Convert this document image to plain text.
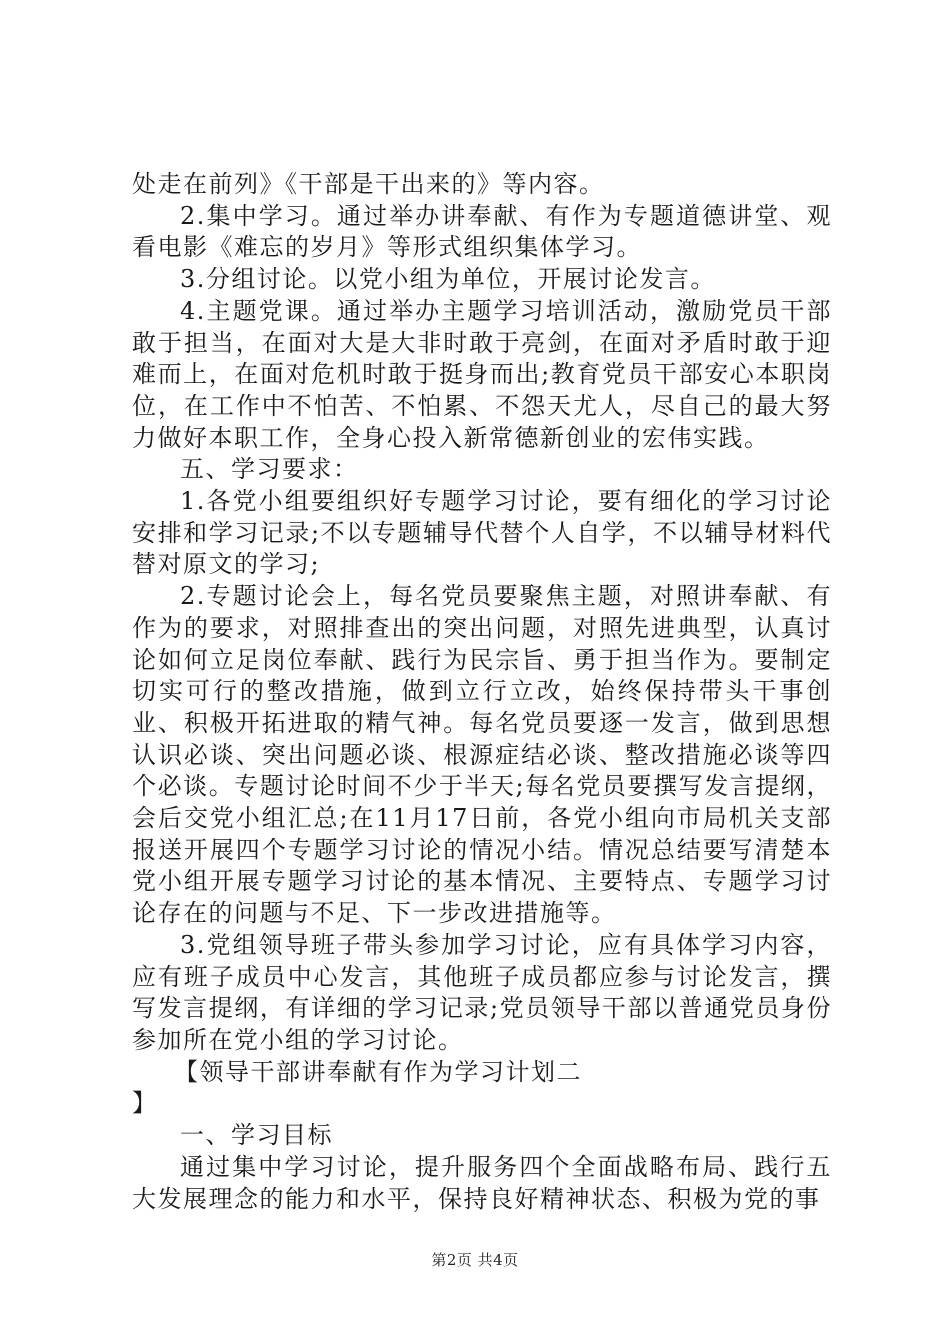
处走在前列》《干部是干出来的》等内容。

2.集中学习。通过举办讲奉献、有作为专题道德讲堂、观看电影《难忘的岁月》等形式组织集体学习。

3.分组讨论。以党小组为单位，开展讨论发言。

4.主题党课。通过举办主题学习培训活动，激励党员干部敢于担当，在面对大是大非时敢于亮剑，在面对矛盾时敢于迎难而上，在面对危机时敢于挺身而出;教育党员干部安心本职岗位，在工作中不怕苦、不怕累、不怨天尤人，尽自己的最大努力做好本职工作，全身心投入新常德新创业的宏伟实践。

五、学习要求：

1.各党小组要组织好专题学习讨论，要有细化的学习讨论安排和学习记录;不以专题辅导代替个人自学，不以辅导材料代替对原文的学习;

2.专题讨论会上，每名党员要聚焦主题，对照讲奉献、有作为的要求，对照排查出的突出问题，对照先进典型，认真讨论如何立足岗位奉献、践行为民宗旨、勇于担当作为。要制定切实可行的整改措施，做到立行立改，始终保持带头干事创业、积极开拓进取的精气神。每名党员要逐一发言，做到思想认识必谈、突出问题必谈、根源症结必谈、整改措施必谈等四个必谈。专题讨论时间不少于半天;每名党员要撰写发言提纲，会后交党小组汇总;在11月17日前，各党小组向市局机关支部报送开展四个专题学习讨论的情况小结。情况总结要写清楚本党小组开展专题学习讨论的基本情况、主要特点、专题学习讨论存在的问题与不足、下一步改进措施等。

3.党组领导班子带头参加学习讨论，应有具体学习内容，应有班子成员中心发言，其他班子成员都应参与讨论发言，撰写发言提纲，有详细的学习记录;党员领导干部以普通党员身份参加所在党小组的学习讨论。

【领导干部讲奉献有作为学习计划二

】

一、学习目标

通过集中学习讨论，提升服务四个全面战略布局、践行五大发展理念的能力和水平，保持良好精神状态、积极为党的事

第2页 共4页
